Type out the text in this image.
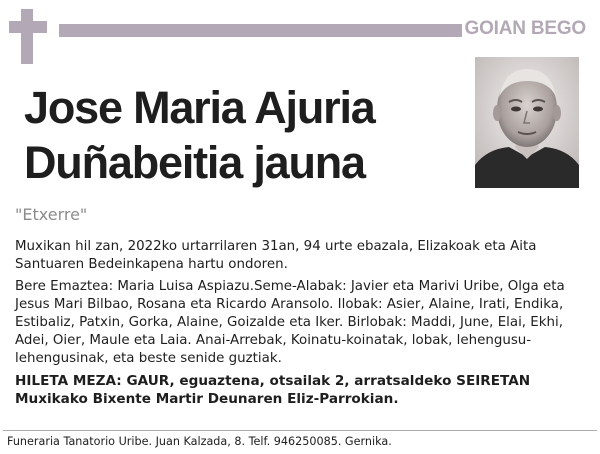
GOIAN BEGO
Jose Maria Ajuria
Duñabeitia jauna
"Etxerre"

Muxikan hil zan, 2022ko urtarrilaren 31an, 94 urte ebazala, Elizakoak eta Aita Santuaren Bedeinkapena hartu ondoren.

Bere Emaztea: Maria Luisa Aspiazu.Seme-Alabak: Javier eta Marivi Uribe, Olga eta Jesus Mari Bilbao, Rosana eta Ricardo Aransolo. Ilobak: Asier, Alaine, Irati, Endika, Estibaliz, Patxin, Gorka, Alaine, Goizalde eta Iker. Birlobak: Maddi, June, Elai, Ekhi, Adei, Oier, Maule eta Laia. Anai-Arrebak, Koinatu-koinatak, lobak, lehengusu-lehengusinak, eta beste senide guztiak.

HILETA MEZA: GAUR, eguaztena, otsailak 2, arratsaldeko SEIRETAN Muxikako Bixente Martir Deunaren Eliz-Parrokian.

Funeraria Tanatorio Uribe. Juan Kalzada, 8. Telf. 946250085. Gernika.
